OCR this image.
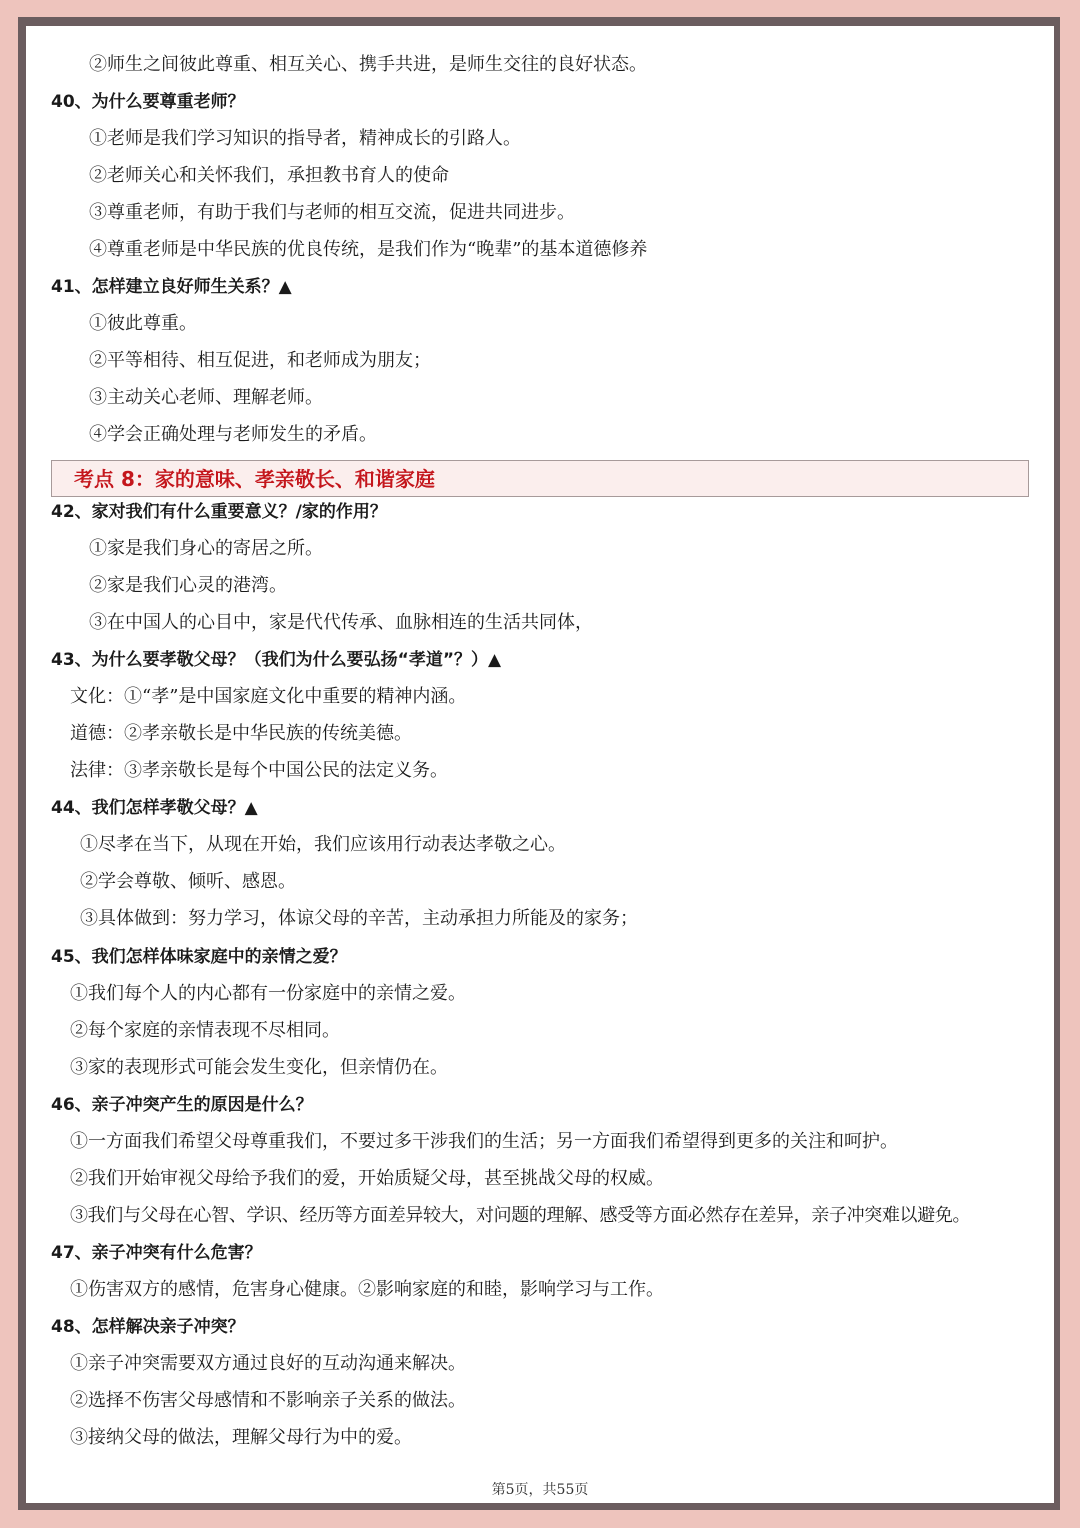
②师生之间彼此尊重、相互关心、携手共进，是师生交往的良好状态。
40、为什么要尊重老师？
①老师是我们学习知识的指导者，精神成长的引路人。
②老师关心和关怀我们，承担教书育人的使命
③尊重老师，有助于我们与老师的相互交流，促进共同进步。
④尊重老师是中华民族的优良传统，是我们作为“晚辈”的基本道德修养
41、怎样建立良好师生关系？▲
①彼此尊重。
②平等相待、相互促进，和老师成为朋友；
③主动关心老师、理解老师。
④学会正确处理与老师发生的矛盾。
考点 8：家的意味、孝亲敬长、和谐家庭
42、家对我们有什么重要意义？/家的作用？
①家是我们身心的寄居之所。
②家是我们心灵的港湾。
③在中国人的心目中，家是代代传承、血脉相连的生活共同体，
43、为什么要孝敬父母？（我们为什么要弘扬“孝道”？）▲
文化：①“孝”是中国家庭文化中重要的精神内涵。
道德：②孝亲敬长是中华民族的传统美德。
法律：③孝亲敬长是每个中国公民的法定义务。
44、我们怎样孝敬父母？▲
①尽孝在当下，从现在开始，我们应该用行动表达孝敬之心。
②学会尊敬、倾听、感恩。
③具体做到：努力学习，体谅父母的辛苦，主动承担力所能及的家务；
45、我们怎样体味家庭中的亲情之爱？
①我们每个人的内心都有一份家庭中的亲情之爱。
②每个家庭的亲情表现不尽相同。
③家的表现形式可能会发生变化，但亲情仍在。
46、亲子冲突产生的原因是什么？
①一方面我们希望父母尊重我们，不要过多干涉我们的生活；另一方面我们希望得到更多的关注和呵护。
②我们开始审视父母给予我们的爱，开始质疑父母，甚至挑战父母的权威。
③我们与父母在心智、学识、经历等方面差异较大，对问题的理解、感受等方面必然存在差异，亲子冲突难以避免。
47、亲子冲突有什么危害？
①伤害双方的感情，危害身心健康。②影响家庭的和睦，影响学习与工作。
48、怎样解决亲子冲突？
①亲子冲突需要双方通过良好的互动沟通来解决。
②选择不伤害父母感情和不影响亲子关系的做法。
③接纳父母的做法，理解父母行为中的爱。
第5页，共55页
